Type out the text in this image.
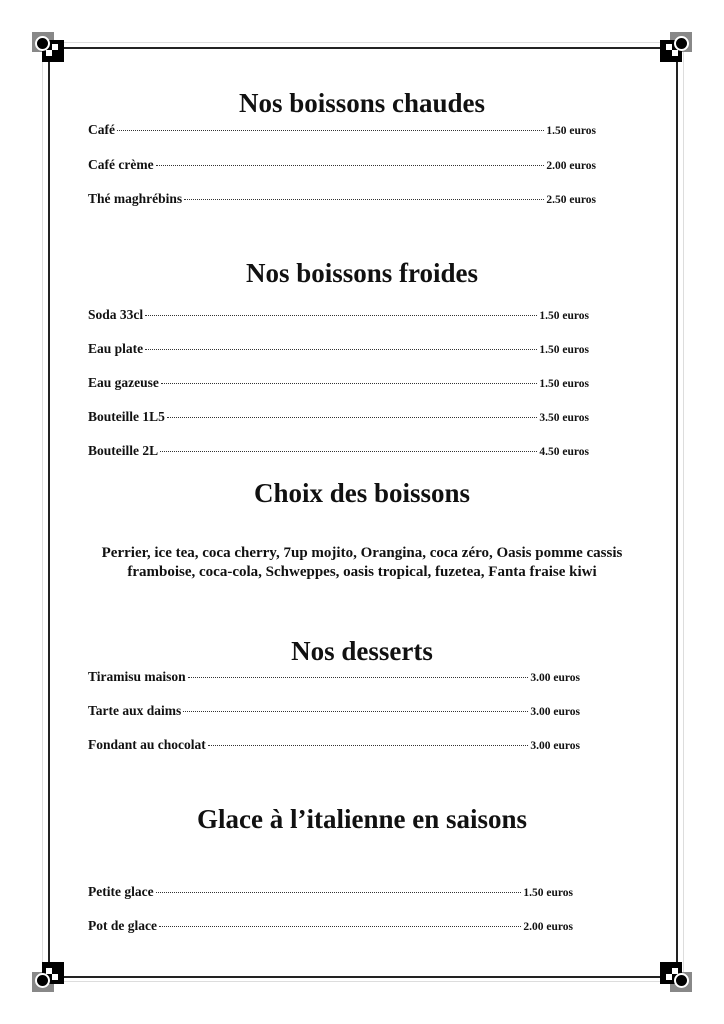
Nos boissons chaudes
Café	1.50 euros
Café crème	2.00 euros
Thé maghrébins	2.50 euros
Nos boissons froides
Soda 33cl	1.50 euros
Eau plate	1.50 euros
Eau gazeuse	1.50 euros
Bouteille 1L5	3.50 euros
Bouteille 2L	4.50 euros
Choix des boissons
Perrier, ice tea, coca cherry, 7up mojito, Orangina, coca zéro, Oasis pomme cassis framboise, coca-cola, Schweppes, oasis tropical, fuzetea, Fanta fraise kiwi
Nos desserts
Tiramisu maison	3.00 euros
Tarte aux daims	3.00 euros
Fondant au chocolat	3.00 euros
Glace à l’italienne en saisons
Petite glace	1.50 euros
Pot de glace	2.00 euros
